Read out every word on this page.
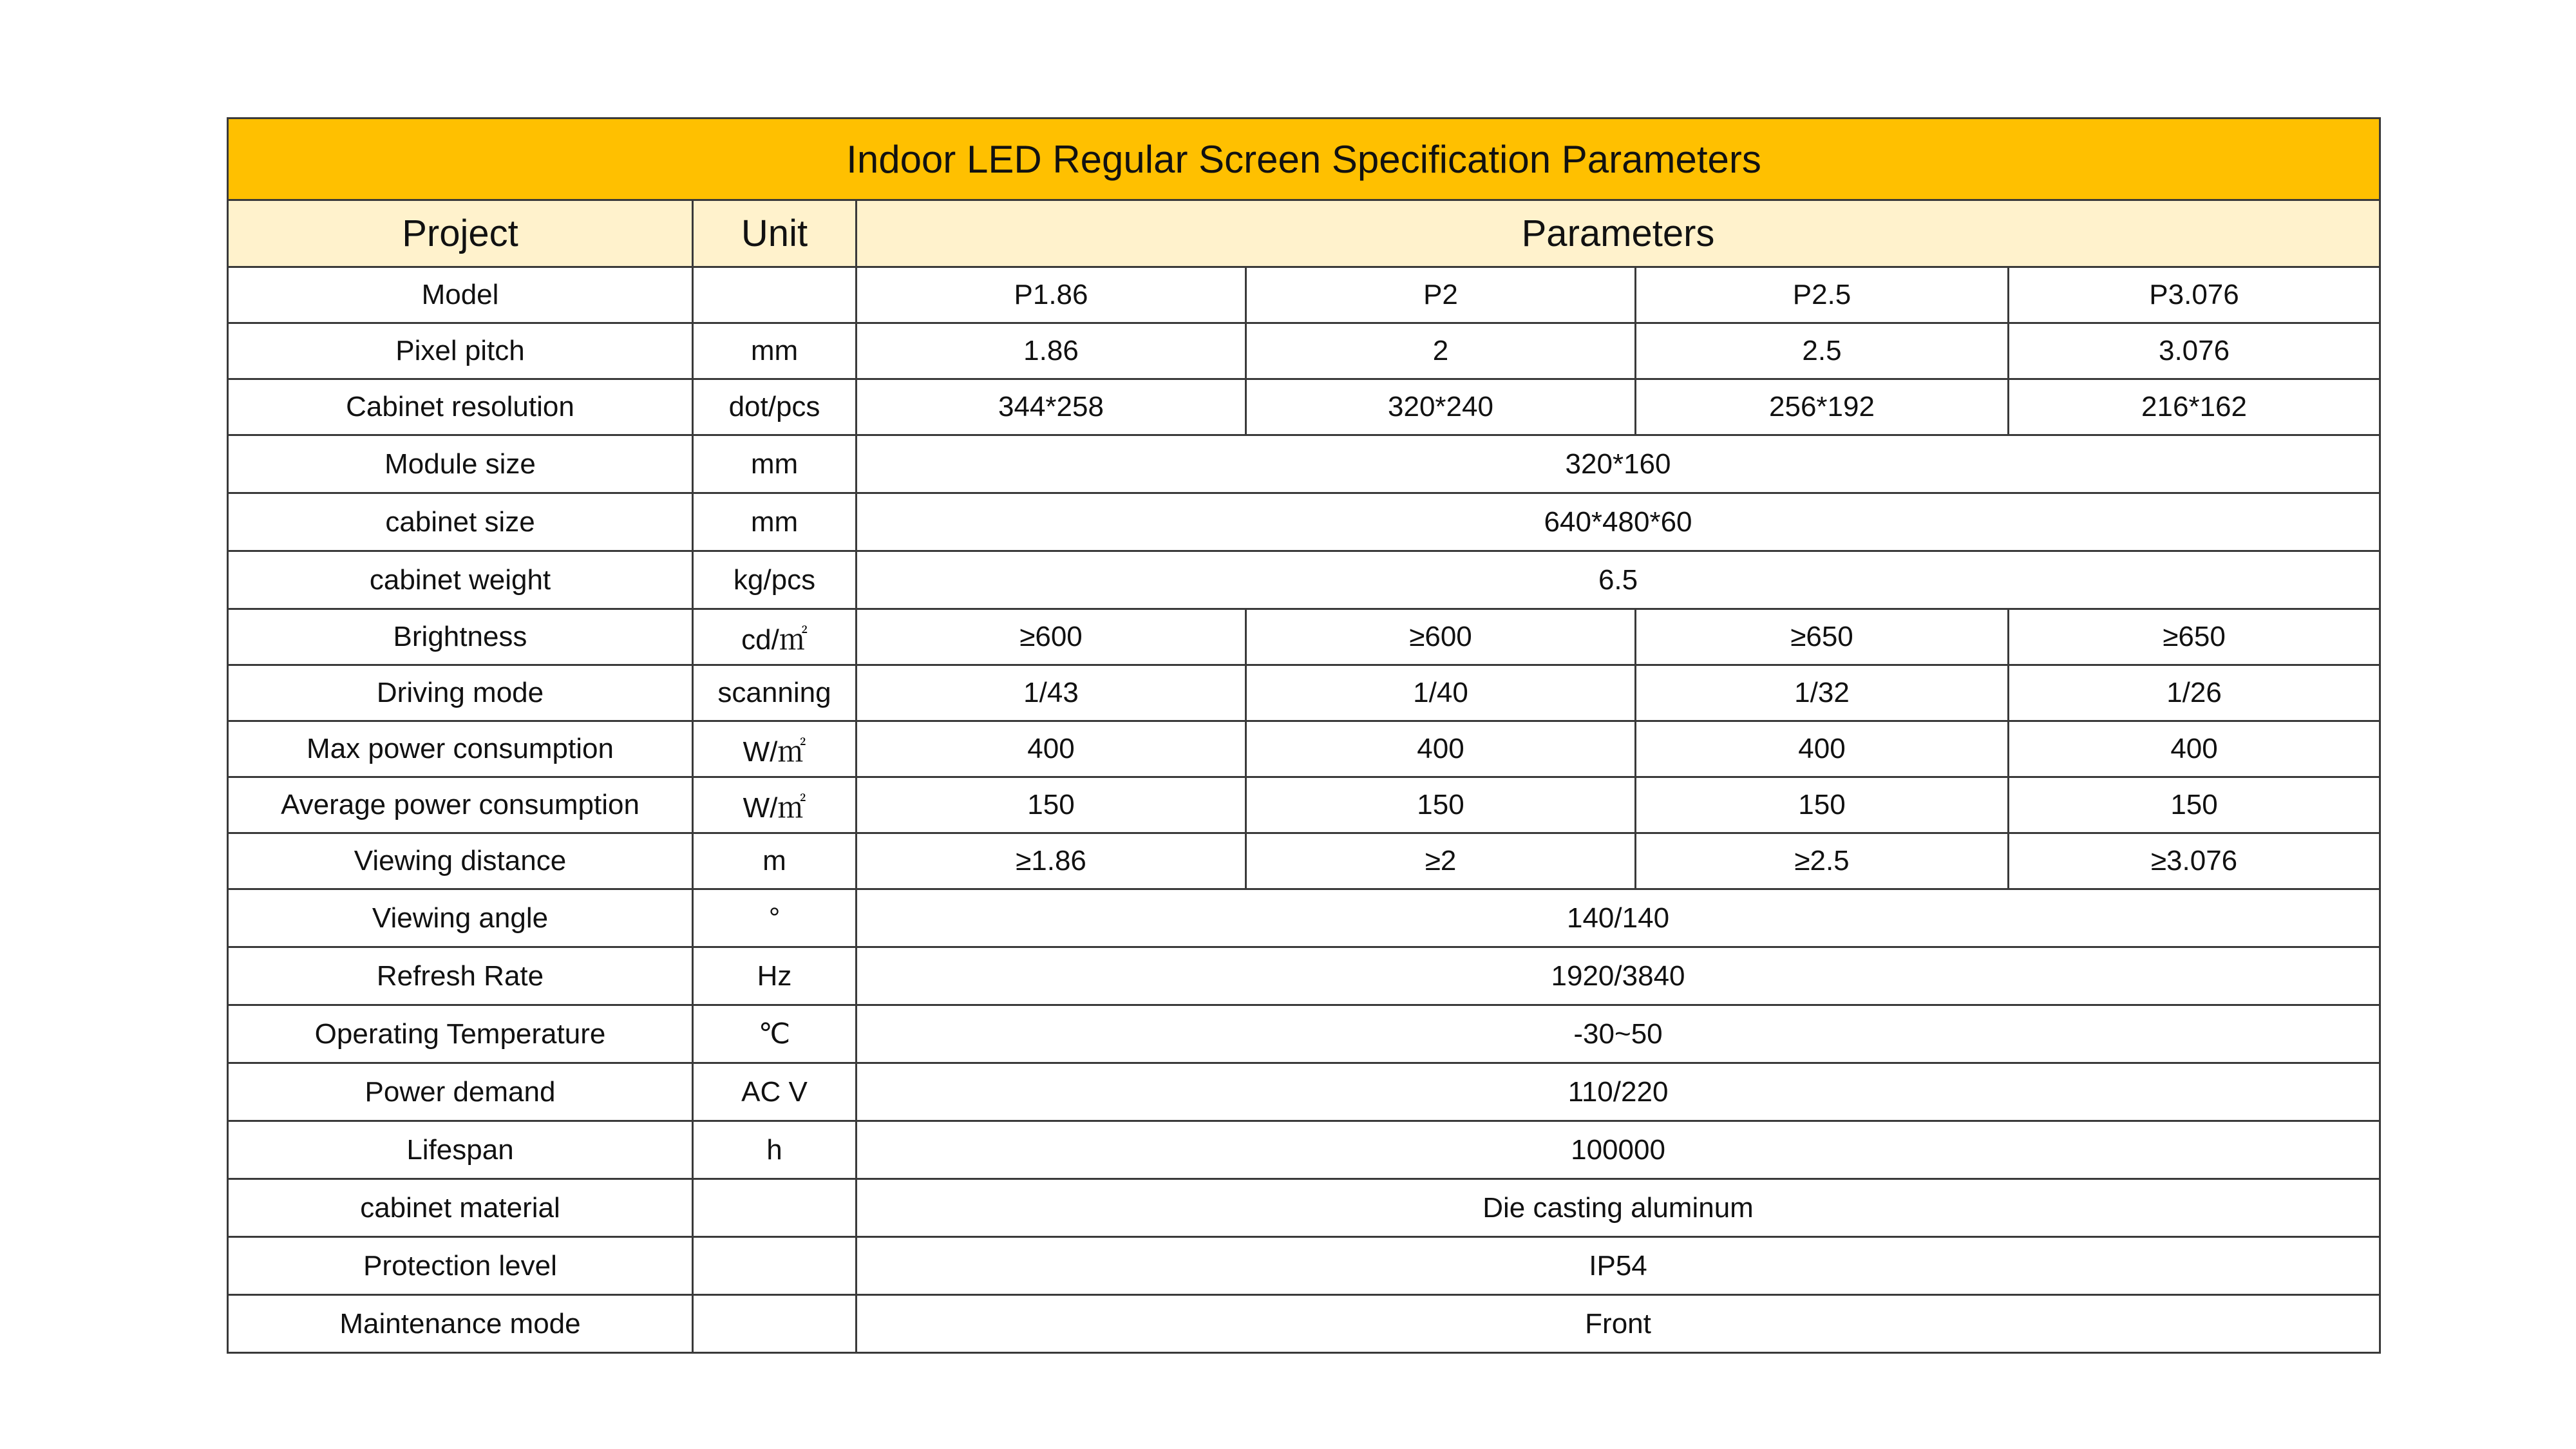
Indoor LED Regular Screen Specification Parameters					
Project	Unit	Parameters			
Model		P1.86	P2	P2.5	P3.076
Pixel pitch	mm	1.86	2	2.5	3.076
Cabinet resolution	dot/pcs	344*258	320*240	256*192	216*162
Module size	mm	320*160			
cabinet size	mm	640*480*60			
cabinet weight	kg/pcs	6.5			
Brightness	cd/㎡	≥600	≥600	≥650	≥650
Driving mode	scanning	1/43	1/40	1/32	1/26
Max power consumption	W/㎡	400	400	400	400
Average power consumption	W/㎡	150	150	150	150
Viewing distance	m	≥1.86	≥2	≥2.5	≥3.076
Viewing angle	°	140/140			
Refresh Rate	Hz	1920/3840			
Operating Temperature	℃	-30~50			
Power demand	AC V	110/220			
Lifespan	h	100000			
cabinet material		Die casting aluminum			
Protection level		IP54			
Maintenance mode		Front			
